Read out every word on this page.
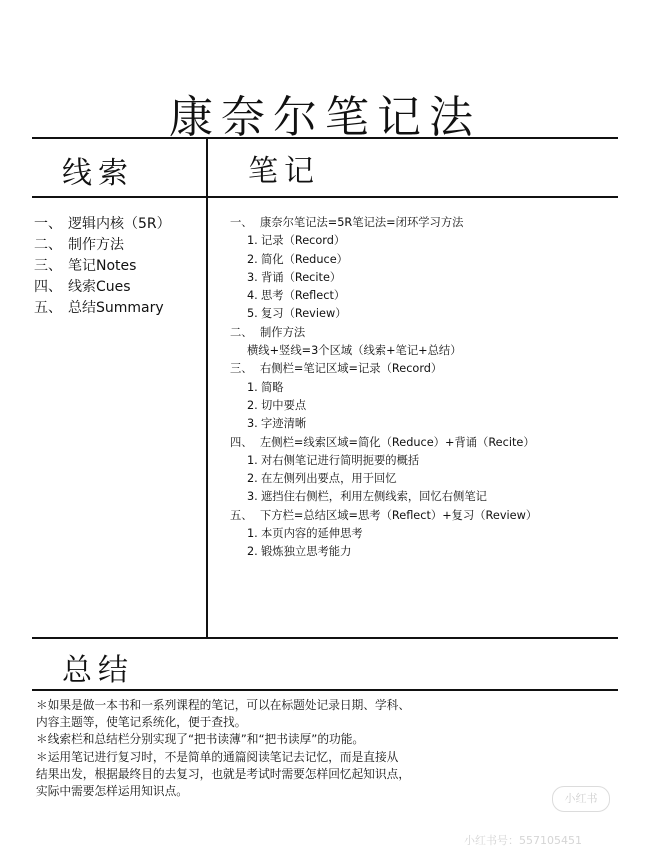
康奈尔笔记法
线索	笔记
总结
一、 逻辑内核（5R）
二、 制作方法
三、 笔记Notes
四、 线索Cues
五、 总结Summary
一、 康奈尔笔记法=5R笔记法=闭环学习方法
1. 记录（Record）
2. 简化（Reduce）
3. 背诵（Recite）
4. 思考（Reflect）
5. 复习（Review）
二、 制作方法
横线+竖线=3个区域（线索+笔记+总结）
三、 右侧栏=笔记区域=记录（Record）
1. 简略
2. 切中要点
3. 字迹清晰
四、 左侧栏=线索区域=简化（Reduce）+背诵（Recite）
1. 对右侧笔记进行简明扼要的概括
2. 在左侧列出要点，用于回忆
3. 遮挡住右侧栏，利用左侧线索，回忆右侧笔记
五、 下方栏=总结区域=思考（Reflect）+复习（Review）
1. 本页内容的延伸思考
2. 锻炼独立思考能力
＊如果是做一本书和一系列课程的笔记，可以在标题处记录日期、学科、
内容主题等，使笔记系统化，便于查找。
＊线索栏和总结栏分别实现了“把书读薄”和“把书读厚”的功能。
＊运用笔记进行复习时，不是简单的通篇阅读笔记去记忆，而是直接从
结果出发，根据最终目的去复习，也就是考试时需要怎样回忆起知识点，
实际中需要怎样运用知识点。
小红书
小红书号：557105451
